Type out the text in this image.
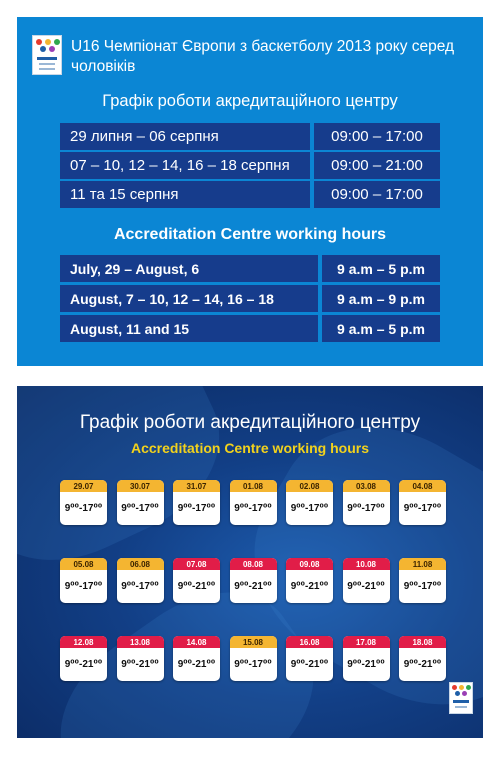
U16 Чемпіонат Європи з баскетболу 2013 року серед чоловіків
Графік роботи акредитаційного центру
29 липня – 06 серпня	09:00 – 17:00
07 – 10, 12 – 14, 16 – 18 серпня	09:00 – 21:00
11 та 15 серпня	09:00 – 17:00
Accreditation Centre working hours
July, 29 – August, 6	9 a.m – 5 p.m
August, 7 – 10, 12 – 14, 16 – 18	9 a.m – 9 p.m
August, 11 and 15	9 a.m – 5 p.m
Графік роботи акредитаційного центру
Accreditation Centre working hours
29.07
9⁰⁰-17⁰⁰
30.07
9⁰⁰-17⁰⁰
31.07
9⁰⁰-17⁰⁰
01.08
9⁰⁰-17⁰⁰
02.08
9⁰⁰-17⁰⁰
03.08
9⁰⁰-17⁰⁰
04.08
9⁰⁰-17⁰⁰
05.08
9⁰⁰-17⁰⁰
06.08
9⁰⁰-17⁰⁰
07.08
9⁰⁰-21⁰⁰
08.08
9⁰⁰-21⁰⁰
09.08
9⁰⁰-21⁰⁰
10.08
9⁰⁰-21⁰⁰
11.08
9⁰⁰-17⁰⁰
12.08
9⁰⁰-21⁰⁰
13.08
9⁰⁰-21⁰⁰
14.08
9⁰⁰-21⁰⁰
15.08
9⁰⁰-17⁰⁰
16.08
9⁰⁰-21⁰⁰
17.08
9⁰⁰-21⁰⁰
18.08
9⁰⁰-21⁰⁰
